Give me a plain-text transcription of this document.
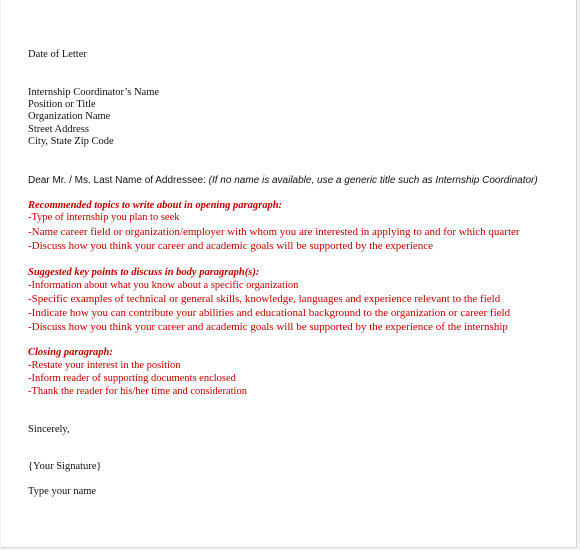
Date of Letter
Internship Coordinator’s Name
Position or Title
Organization Name
Street Address
City, State Zip Code
Dear Mr. / Ms. Last Name of Addressee: (If no name is available, use a generic title such as Internship Coordinator)
Recommended topics to write about in opening paragraph:
-Type of internship you plan to seek
-Name career field or organization/employer with whom you are interested in applying to and for which quarter
-Discuss how you think your career and academic goals will be supported by the experience
Suggested key points to discuss in body paragraph(s):
-Information about what you know about a specific organization
-Specific examples of technical or general skills, knowledge, languages and experience relevant to the field
-Indicate how you can contribute your abilities and educational background to the organization or career field
-Discuss how you think your career and academic goals will be supported by the experience of the internship
Closing paragraph:
-Restate your interest in the position
-Inform reader of supporting documents enclosed
-Thank the reader for his/her time and consideration
Sincerely,
{Your Signature}
Type your name
